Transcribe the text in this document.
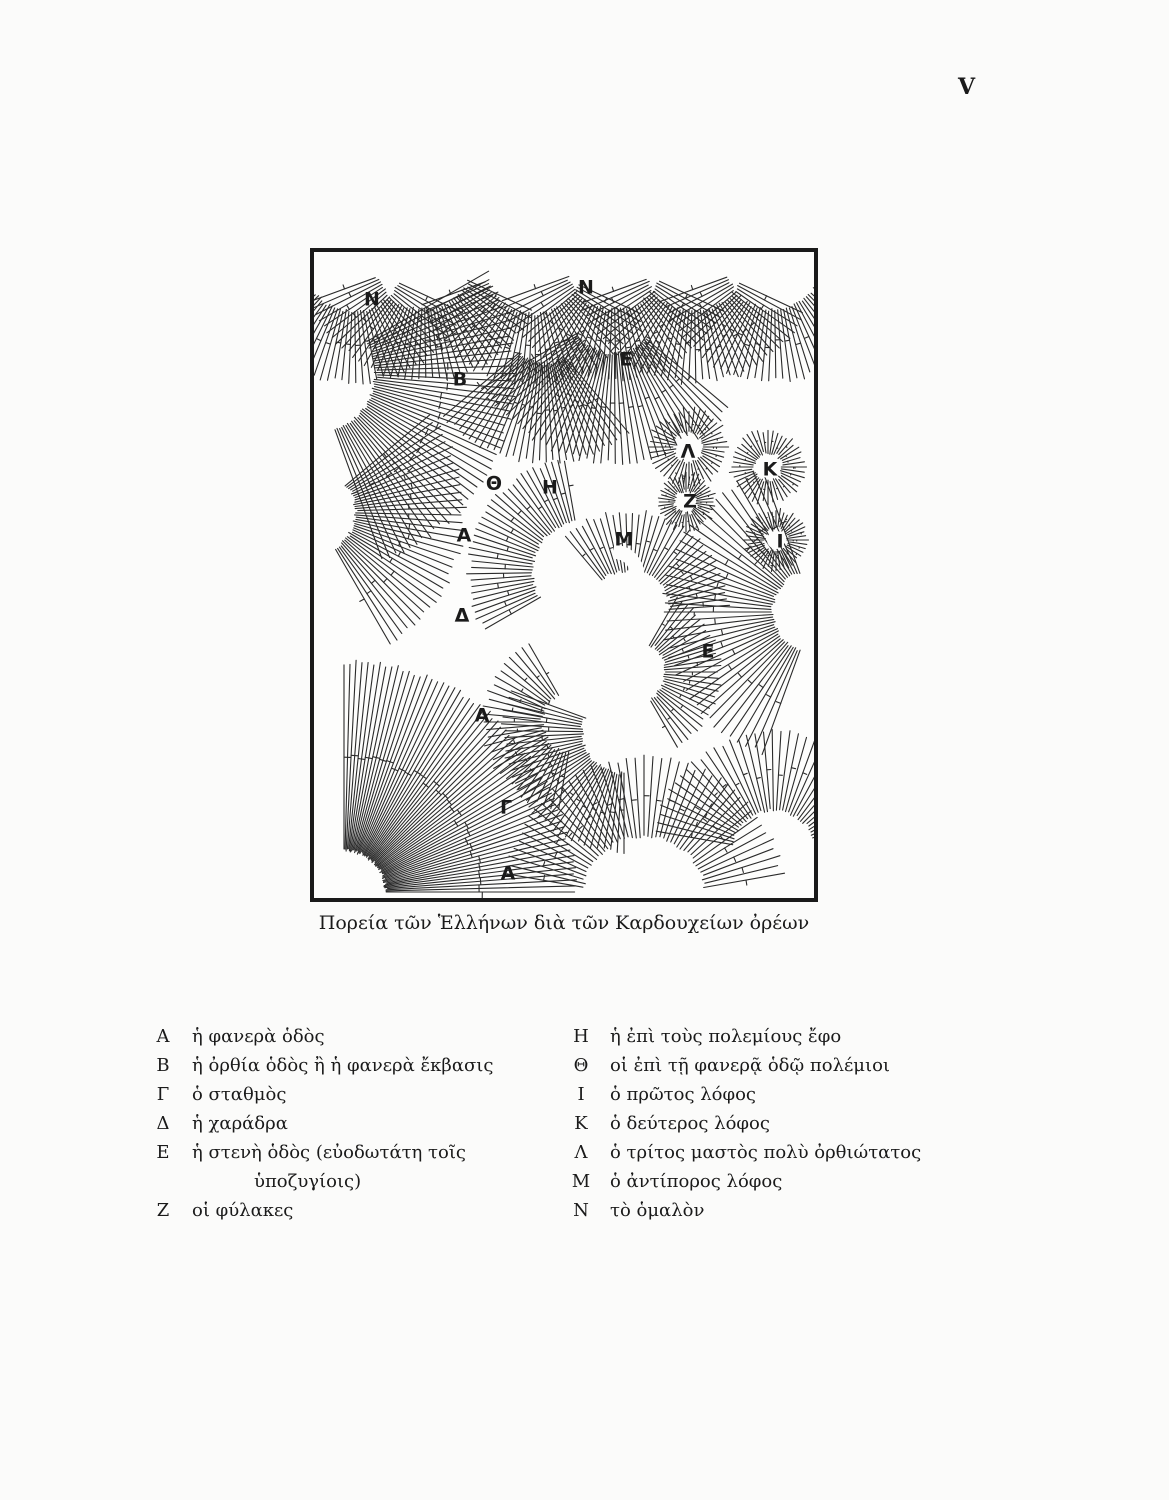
V
N
N
B
E
Λ
K
Θ H
Z
A	M	I
Δ
E
A
Γ
A
Πορεία τῶν Ἑλλήνων διὰ τῶν Καρδουχείων ὀρέων
A	ἡ φανερὰ ὁδὸς
B	ἡ ὀρθία ὁδὸς ἢ ἡ φανερὰ ἔκβασις
Γ	ὁ σταθμὸς
Δ	ἡ χαράδρα
E	ἡ στενὴ ὁδὸς (εὐοδωτάτη τοῖς
ὑποζυγίοις)
Z	οἱ φύλακες
H	ἡ ἐπὶ τοὺς πολεμίους ἔφο
Θ	οἱ ἐπὶ τῇ φανερᾷ ὁδῷ πολέμιοι
I	ὁ πρῶτος λόφος
K	ὁ δεύτερος λόφος
Λ	ὁ τρίτος μαστὸς πολὺ ὀρθιώτατος
M	ὁ ἀντίπορος λόφος
N	τὸ ὁμαλὸν
